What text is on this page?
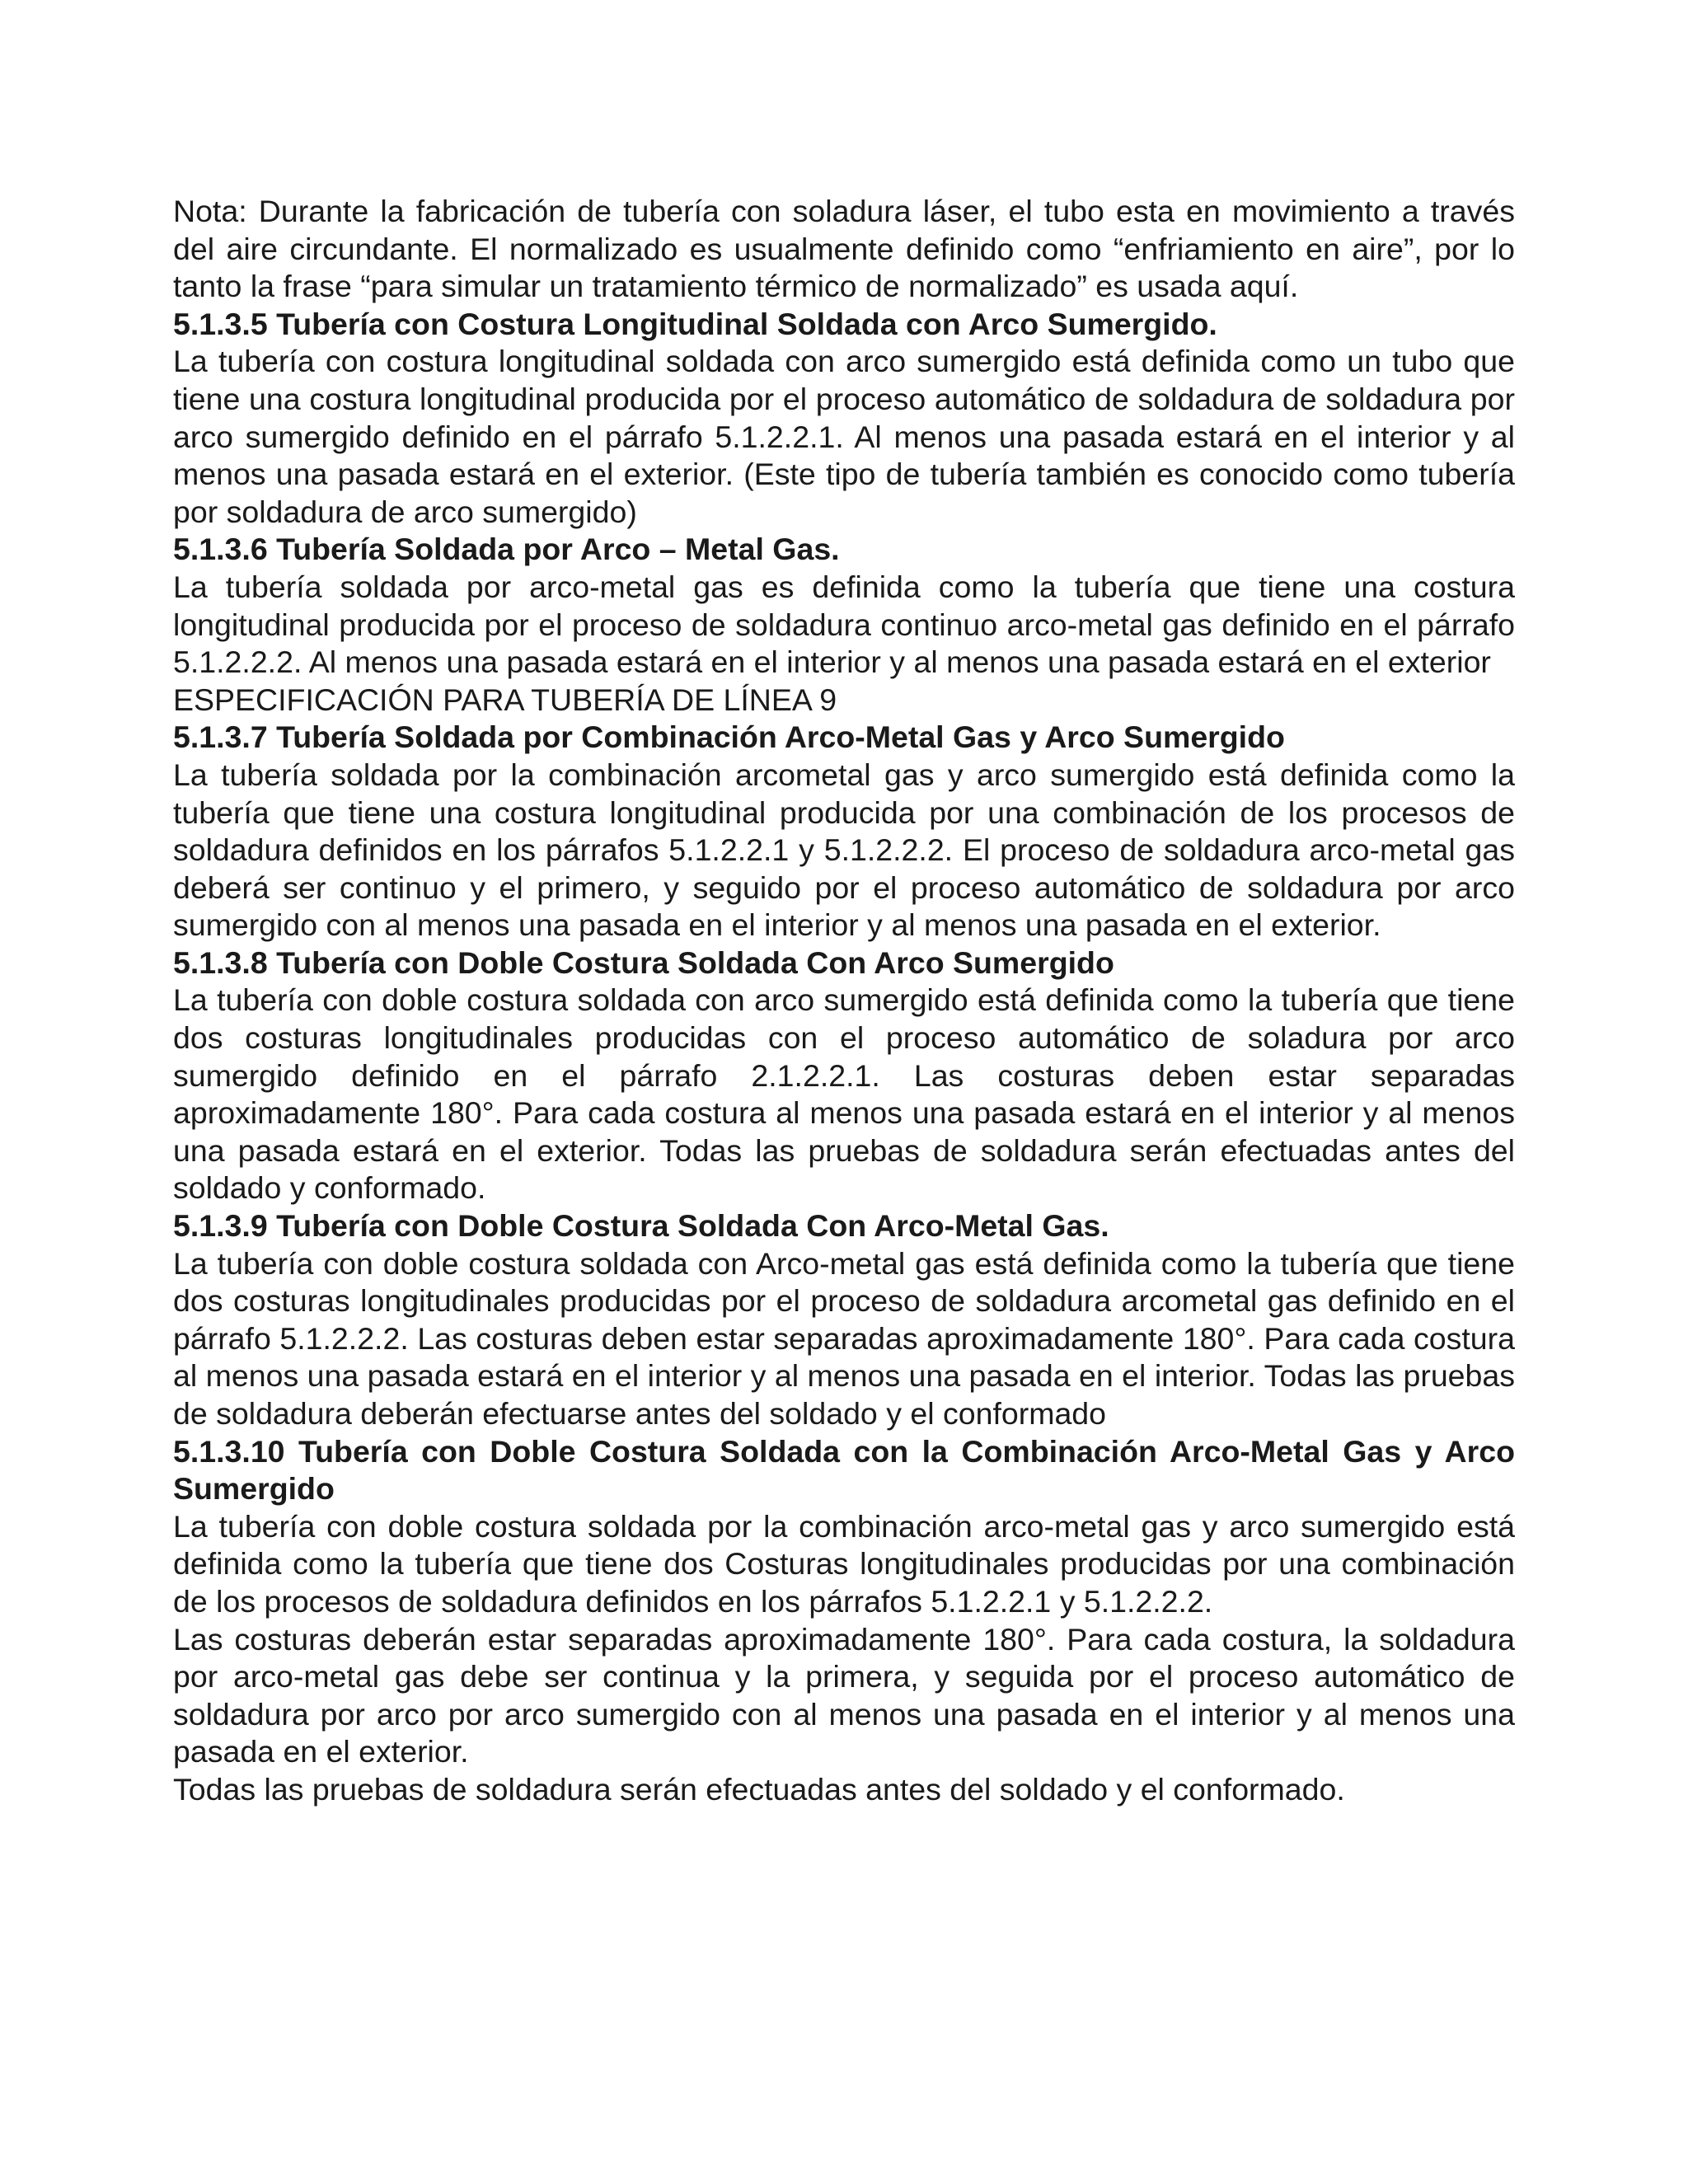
Nota: Durante la fabricación de tubería con soladura láser, el tubo esta en movimiento a través del aire circundante. El normalizado es usualmente definido como “enfriamiento en aire”, por lo tanto la frase “para simular un tratamiento térmico de normalizado” es usada aquí.

5.1.3.5 Tubería con Costura Longitudinal Soldada con Arco Sumergido.

La tubería con costura longitudinal soldada con arco sumergido está definida como un tubo que tiene una costura longitudinal producida por el proceso automático de soldadura de soldadura por arco sumergido definido en el párrafo 5.1.2.2.1. Al menos una pasada estará en el interior y al menos una pasada estará en el exterior. (Este tipo de tubería también es conocido como tubería por soldadura de arco sumergido)

5.1.3.6 Tubería Soldada por Arco – Metal Gas.

La tubería soldada por arco-metal gas es definida como la tubería que tiene una costura longitudinal producida por el proceso de soldadura continuo arco-metal gas definido en el párrafo 5.1.2.2.2. Al menos una pasada estará en el interior y al menos una pasada estará en el exterior

ESPECIFICACIÓN PARA TUBERÍA DE LÍNEA 9

5.1.3.7 Tubería Soldada por Combinación Arco-Metal Gas y Arco Sumergido

La tubería soldada por la combinación arcometal gas y arco sumergido está definida como la tubería que tiene una costura longitudinal producida por una combinación de los procesos de soldadura definidos en los párrafos 5.1.2.2.1 y 5.1.2.2.2. El proceso de soldadura arco-metal gas deberá ser continuo y el primero, y seguido por el proceso automático de soldadura por arco sumergido con al menos una pasada en el interior y al menos una pasada en el exterior.

5.1.3.8 Tubería con Doble Costura Soldada Con Arco Sumergido

La tubería con doble costura soldada con arco sumergido está definida como la tubería que tiene dos costuras longitudinales producidas con el proceso automático de soladura por arco sumergido definido en el párrafo 2.1.2.2.1. Las costuras deben estar separadas aproximadamente 180°. Para cada costura al menos una pasada estará en el interior y al menos una pasada estará en el exterior. Todas las pruebas de soldadura serán efectuadas antes del soldado y conformado.

5.1.3.9 Tubería con Doble Costura Soldada Con Arco-Metal Gas.

La tubería con doble costura soldada con Arco-metal gas está definida como la tubería que tiene dos costuras longitudinales producidas por el proceso de soldadura arcometal gas definido en el párrafo 5.1.2.2.2. Las costuras deben estar separadas aproximadamente 180°. Para cada costura al menos una pasada estará en el interior y al menos una pasada en el interior. Todas las pruebas de soldadura deberán efectuarse antes del soldado y el conformado

5.1.3.10 Tubería con Doble Costura Soldada con la Combinación Arco-Metal Gas y Arco Sumergido

La tubería con doble costura soldada por la combinación arco-metal gas y arco sumergido está definida como la tubería que tiene dos Costuras longitudinales producidas por una combinación de los procesos de soldadura definidos en los párrafos 5.1.2.2.1 y 5.1.2.2.2.

Las costuras deberán estar separadas aproximadamente 180°. Para cada costura, la soldadura por arco-metal gas debe ser continua y la primera, y seguida por el proceso automático de soldadura por arco por arco sumergido con al menos una pasada en el interior y al menos una pasada en el exterior.

Todas las pruebas de soldadura serán efectuadas antes del soldado y el conformado.
